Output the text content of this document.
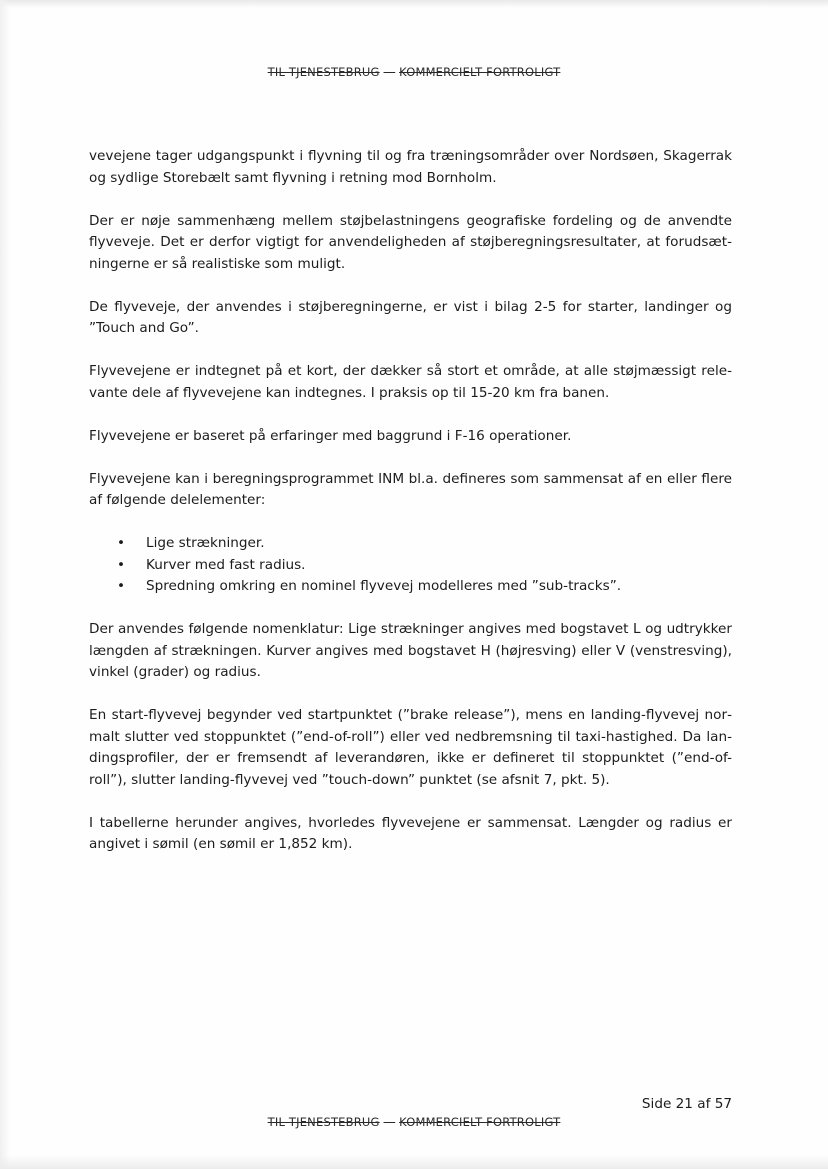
TIL TJENESTEBRUG — KOMMERCIELT FORTROLIGT

vevejene tager udgangspunkt i flyvning til og fra træningsområder over Nordsøen, Skagerrak og sydlige Storebælt samt flyvning i retning mod Bornholm.

Der er nøje sammenhæng mellem støjbelastningens geografiske fordeling og de anvendte flyveveje. Det er derfor vigtigt for anvendeligheden af støjberegningsresultater, at forudsætningerne er så realistiske som muligt.

De flyveveje, der anvendes i støjberegningerne, er vist i bilag 2-5 for starter, landinger og ”Touch and Go”.

Flyvevejene er indtegnet på et kort, der dækker så stort et område, at alle støjmæssigt relevante dele af flyvevejene kan indtegnes. I praksis op til 15-20 km fra banen.

Flyvevejene er baseret på erfaringer med baggrund i F-16 operationer.

Flyvevejene kan i beregningsprogrammet INM bl.a. defineres som sammensat af en eller flere af følgende delelementer:

• Lige strækninger.
• Kurver med fast radius.
• Spredning omkring en nominel flyvevej modelleres med ”sub-tracks”.

Der anvendes følgende nomenklatur: Lige strækninger angives med bogstavet L og udtrykker længden af strækningen. Kurver angives med bogstavet H (højresving) eller V (venstresving), vinkel (grader) og radius.

En start-flyvevej begynder ved startpunktet (”brake release”), mens en landing-flyvevej normalt slutter ved stoppunktet (”end-of-roll”) eller ved nedbremsning til taxi-hastighed. Da landingsprofiler, der er fremsendt af leverandøren, ikke er defineret til stoppunktet (”end-of-roll”), slutter landing-flyvevej ved ”touch-down” punktet (se afsnit 7, pkt. 5).

I tabellerne herunder angives, hvorledes flyvevejene er sammensat. Længder og radius er angivet i sømil (en sømil er 1,852 km).

Side 21 af 57
TIL TJENESTEBRUG — KOMMERCIELT FORTROLIGT
